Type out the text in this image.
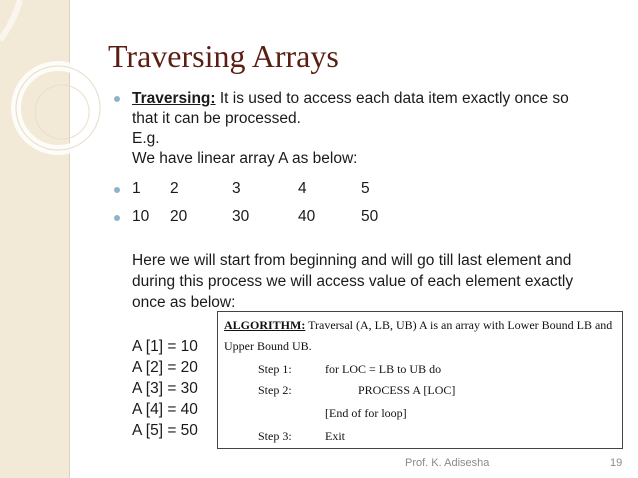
Traversing Arrays
Traversing: It is used to access each data item exactly once so
that it can be processed.
E.g.
We have linear array A as below:
1 2	3	4	5
10 20	30	40	50
Here we will start from beginning and will go till last element and
during this process we will access value of each element exactly
once as below:
A [1] = 10
A [2] = 20
A [3] = 30
A [4] = 40
A [5] = 50
ALGORITHM: Traversal (A, LB, UB) A is an array with Lower Bound LB and
Upper Bound UB.
Step 1:	for LOC = LB to UB do
Step 2:	PROCESS A [LOC]
[End of for loop]
Step 3:	Exit
Prof. K. Adisesha	19
